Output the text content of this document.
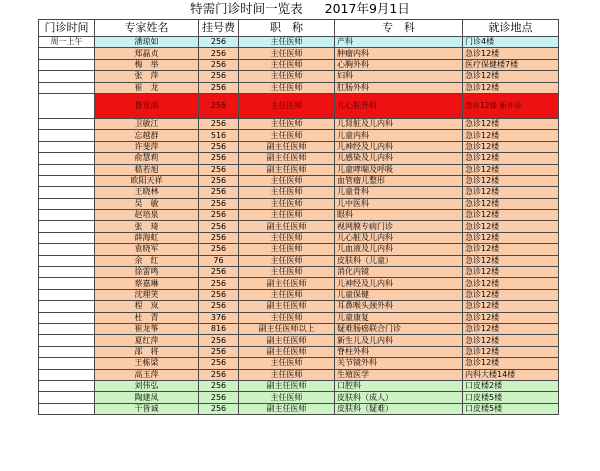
特需门诊时间一览表 2017年9月1日
门诊时间	专家姓名	挂号费	职　称	专　科	就诊地点
周一上午	潘琼如	256	主任医师	产科	门诊4楼
	郑磊贞	256	主任医师	肿瘤内科	急诊12楼
	梅　举	256	主任医师	心胸外科	医疗保健楼7楼
	张　萍	256	主任医师	妇科	急诊12楼
	崔　龙	256	主任医师	肛肠外科	急诊12楼
	鲁亚南	256	主任医师	儿心脏外科	急诊12楼 新开诊
	卫敏江	256	主任医师	儿肾脏及儿内科	急诊12楼
	忘越群	516	主任医师	儿童内科	急诊12楼
	许斐萍	256	副主任医师	儿神经及儿内科	急诊12楼
	俞慧莉	256	副主任医师	儿感染及儿内科	急诊12楼
	嵇若旭	256	副主任医师	儿童哮喘及呼吸	急诊12楼
	欧阳天祥	256	主任医师	血管瘤儿整形	急诊12楼
	王晓林	256	主任医师	儿童骨科	急诊12楼
	吴　敏	256	主任医师	儿中医科	急诊12楼
	赵培泉	256	主任医师	眼科	急诊12楼
	张　琦	256	副主任医师	视网膜专病门诊	急诊12楼
	薛海虹	256	主任医师	儿心脏及儿内科	急诊12楼
	袁晓军	256	主任医师	儿血液及儿内科	急诊12楼
	余　红	76	主任医师	皮肤科（儿童）	急诊12楼
	徐雷鸣	256	主任医师	消化内镜	急诊12楼
	蔡嘉琳	256	副主任医师	儿神经及儿内科	急诊12楼
	沈理笑	256	主任医师	儿童保健	急诊12楼
	程　岚	256	副主任医师	耳鼻喉头颈外科	急诊12楼
	杜　青	376	主任医师	儿童康复	急诊12楼
	崔龙筝	816	副主任医师以上	疑难肠癌联合门诊	急诊12楼
	夏红萍	256	副主任医师	新生儿及儿内科	急诊12楼
	邵　将	256	副主任医师	脊柱外科	急诊12楼
	王栋梁	256	主任医师	关节镜外科	急诊12楼
	高玉萍	256	主任医师	生殖医学	内科大楼14楼
	刘伟弘	256	副主任医师	口腔科	口皮楼2楼
	陶建凤	256	主任医师	皮肤科（成人）	口皮楼5楼
	干皆诚	256	副主任医师	皮肤科（疑难）	口皮楼5楼
